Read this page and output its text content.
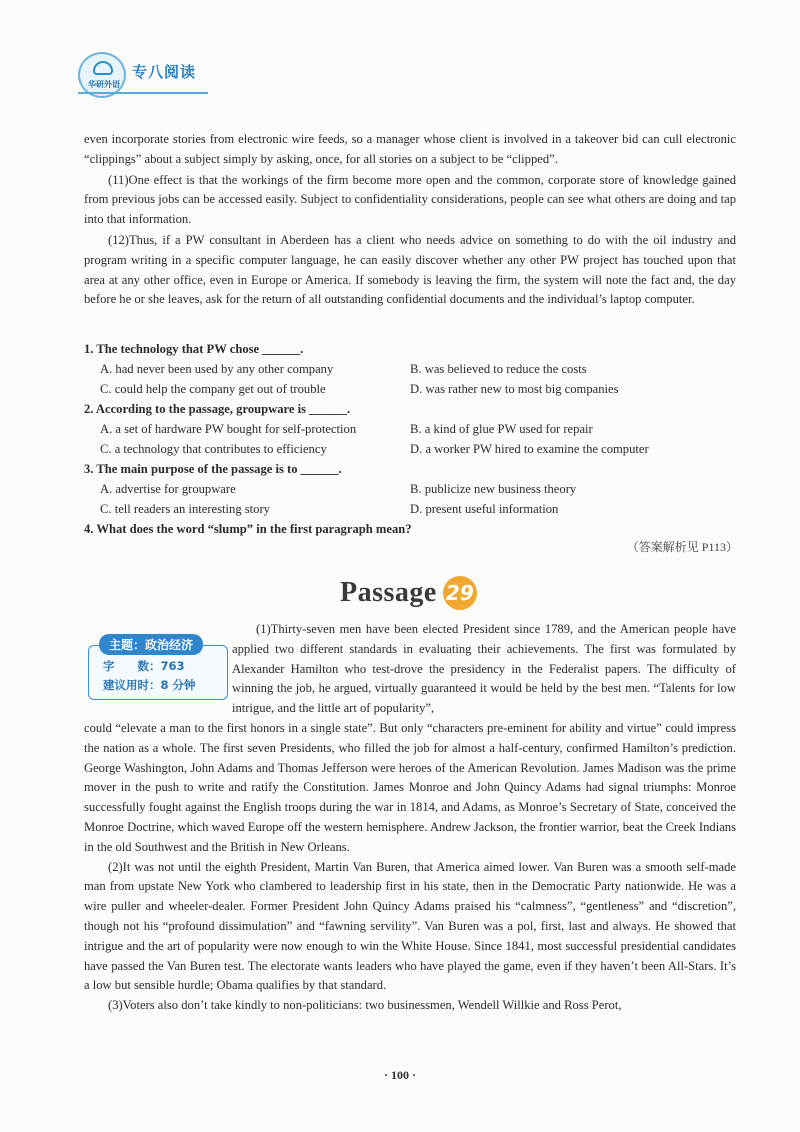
华研外语
专八阅读

even incorporate stories from electronic wire feeds, so a manager whose client is involved in a takeover bid can cull electronic “clippings” about a subject simply by asking, once, for all stories on a subject to be “clipped”.

(11)One effect is that the workings of the firm become more open and the common, corporate store of knowledge gained from previous jobs can be accessed easily. Subject to confidentiality considerations, people can see what others are doing and tap into that information.

(12)Thus, if a PW consultant in Aberdeen has a client who needs advice on something to do with the oil industry and program writing in a specific computer language, he can easily discover whether any other PW project has touched upon that area at any other office, even in Europe or America. If somebody is leaving the firm, the system will note the fact and, the day before he or she leaves, ask for the return of all outstanding confidential documents and the individual’s laptop computer.

1. The technology that PW chose ______.
A. had never been used by any other company	B. was believed to reduce the costs
C. could help the company get out of trouble	D. was rather new to most big companies
2. According to the passage, groupware is ______.
A. a set of hardware PW bought for self-protection	B. a kind of glue PW used for repair
C. a technology that contributes to efficiency	D. a worker PW hired to examine the computer
3. The main purpose of the passage is to ______.
A. advertise for groupware	B. publicize new business theory
C. tell readers an interesting story	D. present useful information
4. What does the word “slump” in the first paragraph mean?
（答案解析见 P113）
Passage 29
主题：政治经济
字　　数：763
建议用时：8 分钟
(1)Thirty-seven men have been elected President since 1789, and the American people have applied two different standards in evaluating their achievements. The first was formulated by Alexander Hamilton who test-drove the presidency in the Federalist papers. The difficulty of winning the job, he argued, virtually guaranteed it would be held by the best men. “Talents for low intrigue, and the little art of popularity”,

could “elevate a man to the first honors in a single state”. But only “characters pre-eminent for ability and virtue” could impress the nation as a whole. The first seven Presidents, who filled the job for almost a half-century, confirmed Hamilton’s prediction. George Washington, John Adams and Thomas Jefferson were heroes of the American Revolution. James Madison was the prime mover in the push to write and ratify the Constitution. James Monroe and John Quincy Adams had signal triumphs: Monroe successfully fought against the English troops during the war in 1814, and Adams, as Monroe’s Secretary of State, conceived the Monroe Doctrine, which waved Europe off the western hemisphere. Andrew Jackson, the frontier warrior, beat the Creek Indians in the old Southwest and the British in New Orleans.

(2)It was not until the eighth President, Martin Van Buren, that America aimed lower. Van Buren was a smooth self-made man from upstate New York who clambered to leadership first in his state, then in the Democratic Party nationwide. He was a wire puller and wheeler-dealer. Former President John Quincy Adams praised his “calmness”, “gentleness” and “discretion”, though not his “profound dissimulation” and “fawning servility”. Van Buren was a pol, first, last and always. He showed that intrigue and the art of popularity were now enough to win the White House. Since 1841, most successful presidential candidates have passed the Van Buren test. The electorate wants leaders who have played the game, even if they haven’t been All-Stars. It’s a low but sensible hurdle; Obama qualifies by that standard.

(3)Voters also don’t take kindly to non-politicians: two businessmen, Wendell Willkie and Ross Perot,

· 100 ·
